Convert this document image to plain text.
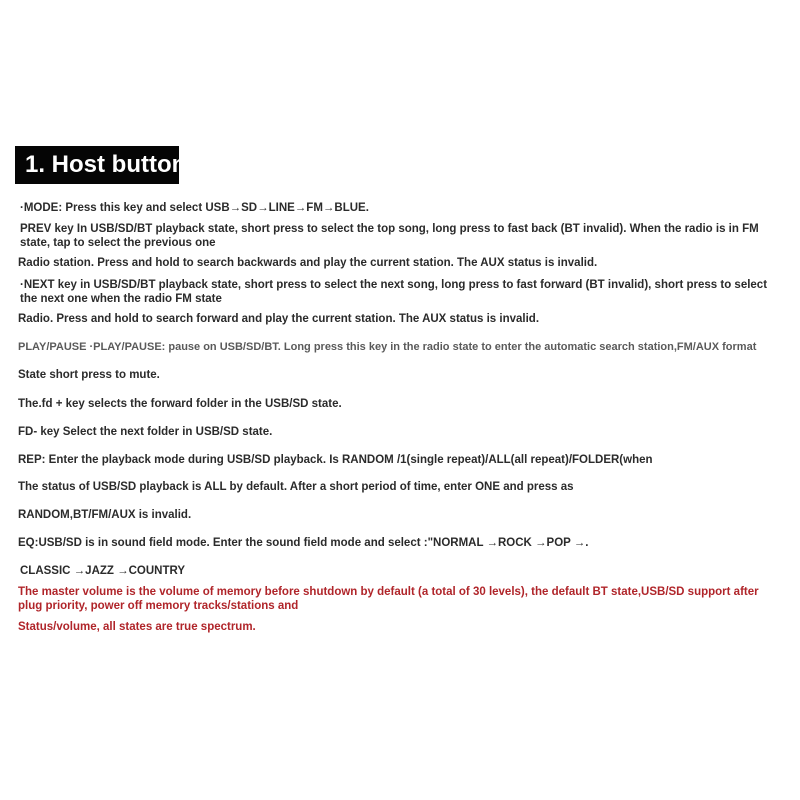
1. Host button
·MODE: Press this key and select USB→SD→LINE→FM→BLUE.
PREV key In USB/SD/BT playback state, short press to select the top song, long press to fast back (BT invalid). When the radio is in FM state, tap to select the previous one
Radio station. Press and hold to search backwards and play the current station. The AUX status is invalid.
·NEXT key in USB/SD/BT playback state, short press to select the next song, long press to fast forward (BT invalid), short press to select the next one when the radio FM state
Radio. Press and hold to search forward and play the current station. The AUX status is invalid.
PLAY/PAUSE ·PLAY/PAUSE: pause on USB/SD/BT. Long press this key in the radio state to enter the automatic search station,FM/AUX format
State short press to mute.
The.fd + key selects the forward folder in the USB/SD state.
FD- key Select the next folder in USB/SD state.
REP: Enter the playback mode during USB/SD playback. Is RANDOM /1(single repeat)/ALL(all repeat)/FOLDER(when
The status of USB/SD playback is ALL by default. After a short period of time, enter ONE and press as
RANDOM,BT/FM/AUX is invalid.
EQ:USB/SD is in sound field mode. Enter the sound field mode and select :"NORMAL →ROCK →POP →.
CLASSIC →JAZZ →COUNTRY
The master volume is the volume of memory before shutdown by default (a total of 30 levels), the default BT state,USB/SD support after plug priority, power off memory tracks/stations and
Status/volume, all states are true spectrum.
